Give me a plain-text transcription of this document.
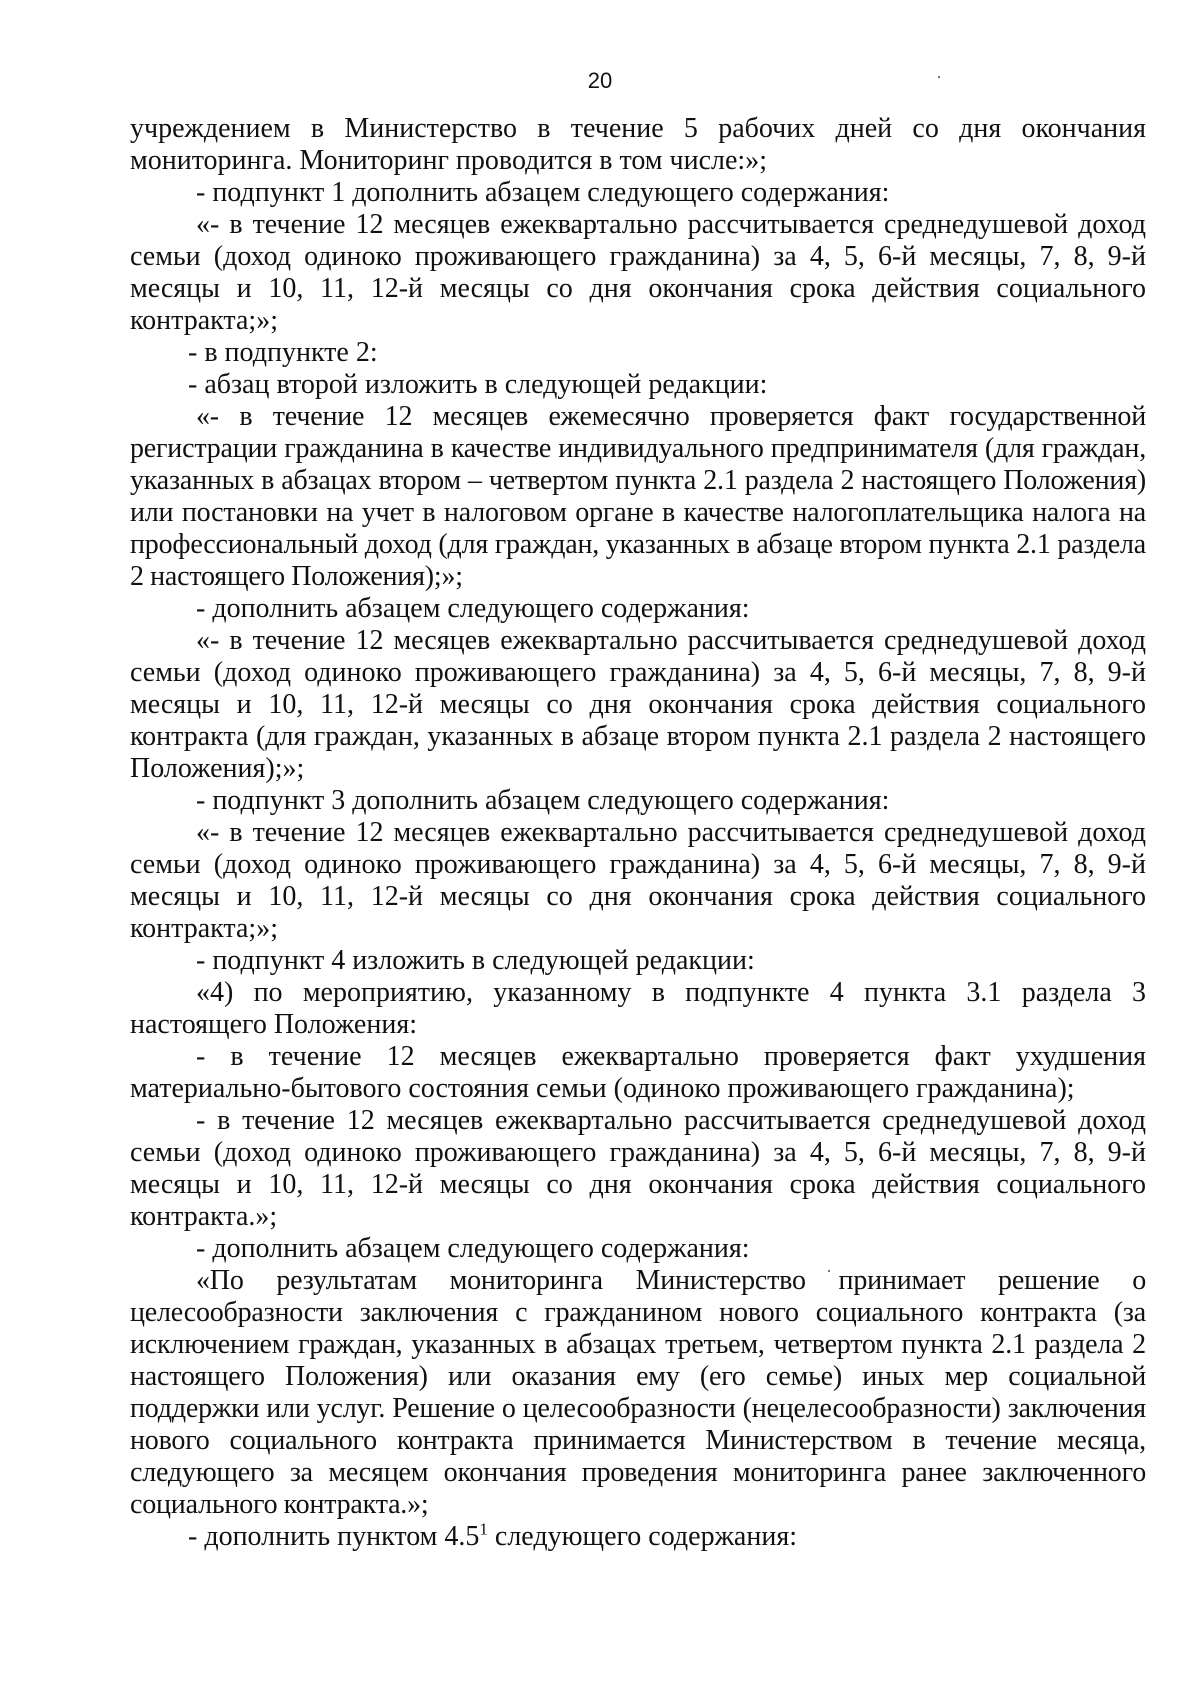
20

учреждением в Министерство в течение 5 рабочих дней со дня окончания мониторинга. Мониторинг проводится в том числе:»;

- подпункт 1 дополнить абзацем следующего содержания:

«- в течение 12 месяцев ежеквартально рассчитывается среднедушевой доход семьи (доход одиноко проживающего гражданина) за 4, 5, 6-й месяцы, 7, 8, 9-й месяцы и 10, 11, 12-й месяцы со дня окончания срока действия социального контракта;»;

- в подпункте 2:

- абзац второй изложить в следующей редакции:

«- в течение 12 месяцев ежемесячно проверяется факт государственной регистрации гражданина в качестве индивидуального предпринимателя (для граждан, указанных в абзацах втором – четвертом пункта 2.1 раздела 2 настоящего Положения) или постановки на учет в налоговом органе в качестве налогоплательщика налога на профессиональный доход (для граждан, указанных в абзаце втором пункта 2.1 раздела 2 настоящего Положения);»;

- дополнить абзацем следующего содержания:

«- в течение 12 месяцев ежеквартально рассчитывается среднедушевой доход семьи (доход одиноко проживающего гражданина) за 4, 5, 6-й месяцы, 7, 8, 9-й месяцы и 10, 11, 12-й месяцы со дня окончания срока действия социального контракта (для граждан, указанных в абзаце втором пункта 2.1 раздела 2 настоящего Положения);»;

- подпункт 3 дополнить абзацем следующего содержания:

«- в течение 12 месяцев ежеквартально рассчитывается среднедушевой доход семьи (доход одиноко проживающего гражданина) за 4, 5, 6-й месяцы, 7, 8, 9-й месяцы и 10, 11, 12-й месяцы со дня окончания срока действия социального контракта;»;

- подпункт 4 изложить в следующей редакции:

«4) по мероприятию, указанному в подпункте 4 пункта 3.1 раздела 3 настоящего Положения:

- в течение 12 месяцев ежеквартально проверяется факт ухудшения материально-бытового состояния семьи (одиноко проживающего гражданина);

- в течение 12 месяцев ежеквартально рассчитывается среднедушевой доход семьи (доход одиноко проживающего гражданина) за 4, 5, 6-й месяцы, 7, 8, 9-й месяцы и 10, 11, 12-й месяцы со дня окончания срока действия социального контракта.»;

- дополнить абзацем следующего содержания:

«По результатам мониторинга Министерство принимает решение о целесообразности заключения с гражданином нового социального контракта (за исключением граждан, указанных в абзацах третьем, четвертом пункта 2.1 раздела 2 настоящего Положения) или оказания ему (его семье) иных мер социальной поддержки или услуг. Решение о целесообразности (нецелесообразности) заключения нового социального контракта принимается Министерством в течение месяца, следующего за месяцем окончания проведения мониторинга ранее заключенного социального контракта.»;

- дополнить пунктом $4.5^1$ следующего содержания:
